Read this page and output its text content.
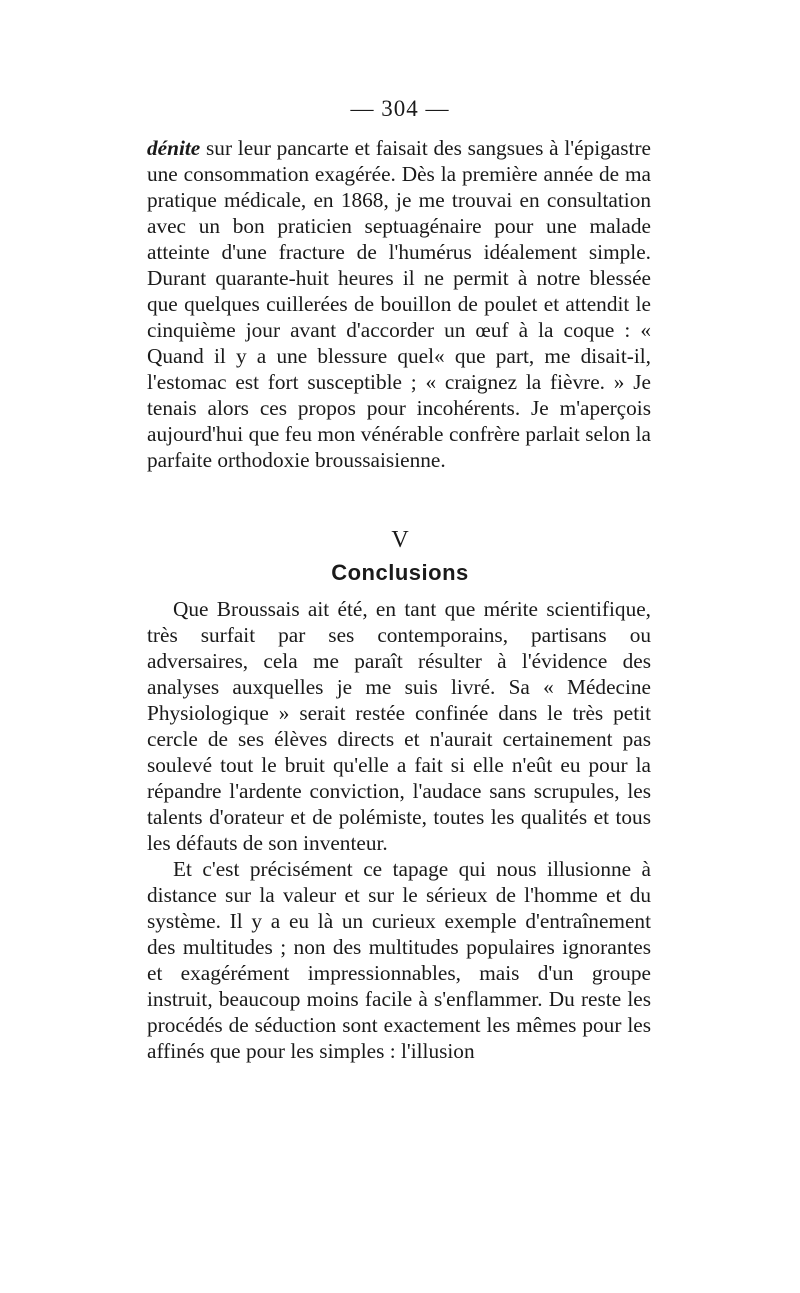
— 304 —

dénite sur leur pancarte et faisait des sangsues à l'épigastre une consommation exagérée. Dès la première année de ma pratique médicale, en 1868, je me trouvai en consultation avec un bon praticien septuagénaire pour une malade atteinte d'une fracture de l'humérus idéalement simple. Durant quarante-huit heures il ne permit à notre blessée que quelques cuillerées de bouillon de poulet et attendit le cinquième jour avant d'accorder un œuf à la coque : « Quand il y a une blessure quel« que part, me disait-il, l'estomac est fort susceptible ; « craignez la fièvre. » Je tenais alors ces propos pour incohérents. Je m'aperçois aujourd'hui que feu mon vénérable confrère parlait selon la parfaite orthodoxie broussaisienne.

V
Conclusions

Que Broussais ait été, en tant que mérite scientifique, très surfait par ses contemporains, partisans ou adversaires, cela me paraît résulter à l'évidence des analyses auxquelles je me suis livré. Sa « Médecine Physiologique » serait restée confinée dans le très petit cercle de ses élèves directs et n'aurait certainement pas soulevé tout le bruit qu'elle a fait si elle n'eût eu pour la répandre l'ardente conviction, l'audace sans scrupules, les talents d'orateur et de polémiste, toutes les qualités et tous les défauts de son inventeur.

Et c'est précisément ce tapage qui nous illusionne à distance sur la valeur et sur le sérieux de l'homme et du système. Il y a eu là un curieux exemple d'entraînement des multitudes ; non des multitudes populaires ignorantes et exagérément impressionnables, mais d'un groupe instruit, beaucoup moins facile à s'enflammer. Du reste les procédés de séduction sont exactement les mêmes pour les affinés que pour les simples : l'illusion
